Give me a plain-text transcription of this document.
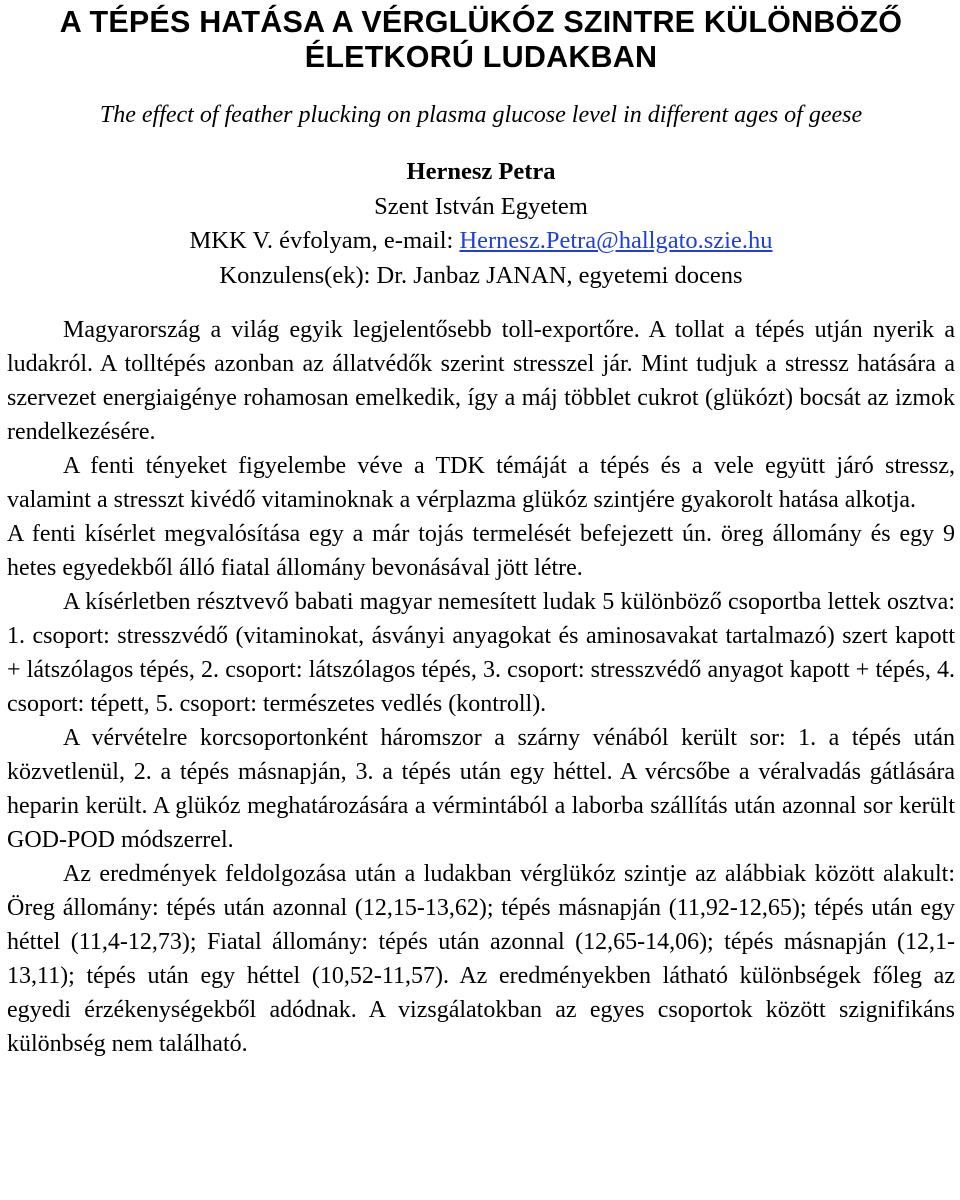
A TÉPÉS HATÁSA A VÉRGLÜKÓZ SZINTRE KÜLÖNBÖZŐ
ÉLETKORÚ LUDAKBAN
The effect of feather plucking on plasma glucose level in different ages of geese
Hernesz Petra
Szent István Egyetem
MKK V. évfolyam, e-mail: Hernesz.Petra@hallgato.szie.hu
Konzulens(ek): Dr. Janbaz JANAN, egyetemi docens

Magyarország a világ egyik legjelentősebb toll-exportőre. A tollat a tépés utján nyerik a ludakról. A tolltépés azonban az állatvédők szerint stresszel jár. Mint tudjuk a stressz hatására a szervezet energiaigénye rohamosan emelkedik, így a máj többlet cukrot (glükózt) bocsát az izmok rendelkezésére.

A fenti tényeket figyelembe véve a TDK témáját a tépés és a vele együtt járó stressz, valamint a stresszt kivédő vitaminoknak a vérplazma glükóz szintjére gyakorolt hatása alkotja.

A fenti kísérlet megvalósítása egy a már tojás termelését befejezett ún. öreg állomány és egy 9 hetes egyedekből álló fiatal állomány bevonásával jött létre.

A kísérletben résztvevő babati magyar nemesített ludak 5 különböző csoportba lettek osztva: 1. csoport: stresszvédő (vitaminokat, ásványi anyagokat és aminosavakat tartalmazó) szert kapott + látszólagos tépés, 2. csoport: látszólagos tépés, 3. csoport: stresszvédő anyagot kapott + tépés, 4. csoport: tépett, 5. csoport: természetes vedlés (kontroll).

A vérvételre korcsoportonként háromszor a szárny vénából került sor: 1. a tépés után közvetlenül, 2. a tépés másnapján, 3. a tépés után egy héttel. A vércsőbe a véralvadás gátlására heparin került. A glükóz meghatározására a vérmintából a laborba szállítás után azonnal sor került GOD-POD módszerrel.

Az eredmények feldolgozása után a ludakban vérglükóz szintje az alábbiak között alakult: Öreg állomány: tépés után azonnal (12,15-13,62); tépés másnapján (11,92-12,65); tépés után egy héttel (11,4-12,73); Fiatal állomány: tépés után azonnal (12,65-14,06); tépés másnapján (12,1-13,11); tépés után egy héttel (10,52-11,57). Az eredményekben látható különbségek főleg az egyedi érzékenységekből adódnak. A vizsgálatokban az egyes csoportok között szignifikáns különbség nem található.
